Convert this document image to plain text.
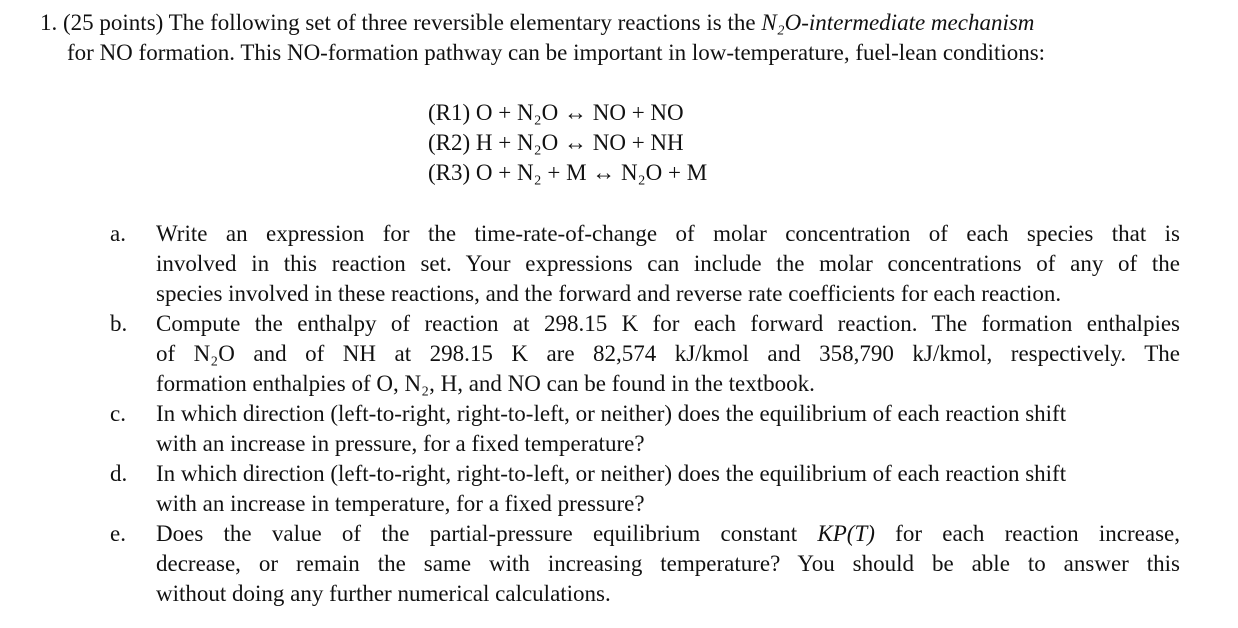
1. (25 points) The following set of three reversible elementary reactions is the N₂O-intermediate mechanism
for NO formation. This NO-formation pathway can be important in low-temperature, fuel-lean conditions:
(R1) O + N₂O ↔ NO + NO
(R2) H + N₂O ↔ NO + NH
(R3) O + N₂ + M ↔ N₂O + M
a.	Write an expression for the time-rate-of-change of molar concentration of each species that is
involved in this reaction set. Your expressions can include the molar concentrations of any of the
species involved in these reactions, and the forward and reverse rate coefficients for each reaction.
b.	Compute the enthalpy of reaction at 298.15 K for each forward reaction. The formation enthalpies
of N₂O and of NH at 298.15 K are 82,574 kJ/kmol and 358,790 kJ/kmol, respectively. The
formation enthalpies of O, N₂, H, and NO can be found in the textbook.
c.	In which direction (left-to-right, right-to-left, or neither) does the equilibrium of each reaction shift
with an increase in pressure, for a fixed temperature?
d.	In which direction (left-to-right, right-to-left, or neither) does the equilibrium of each reaction shift
with an increase in temperature, for a fixed pressure?
e.	Does the value of the partial-pressure equilibrium constant KP(T) for each reaction increase,
decrease, or remain the same with increasing temperature? You should be able to answer this
without doing any further numerical calculations.
